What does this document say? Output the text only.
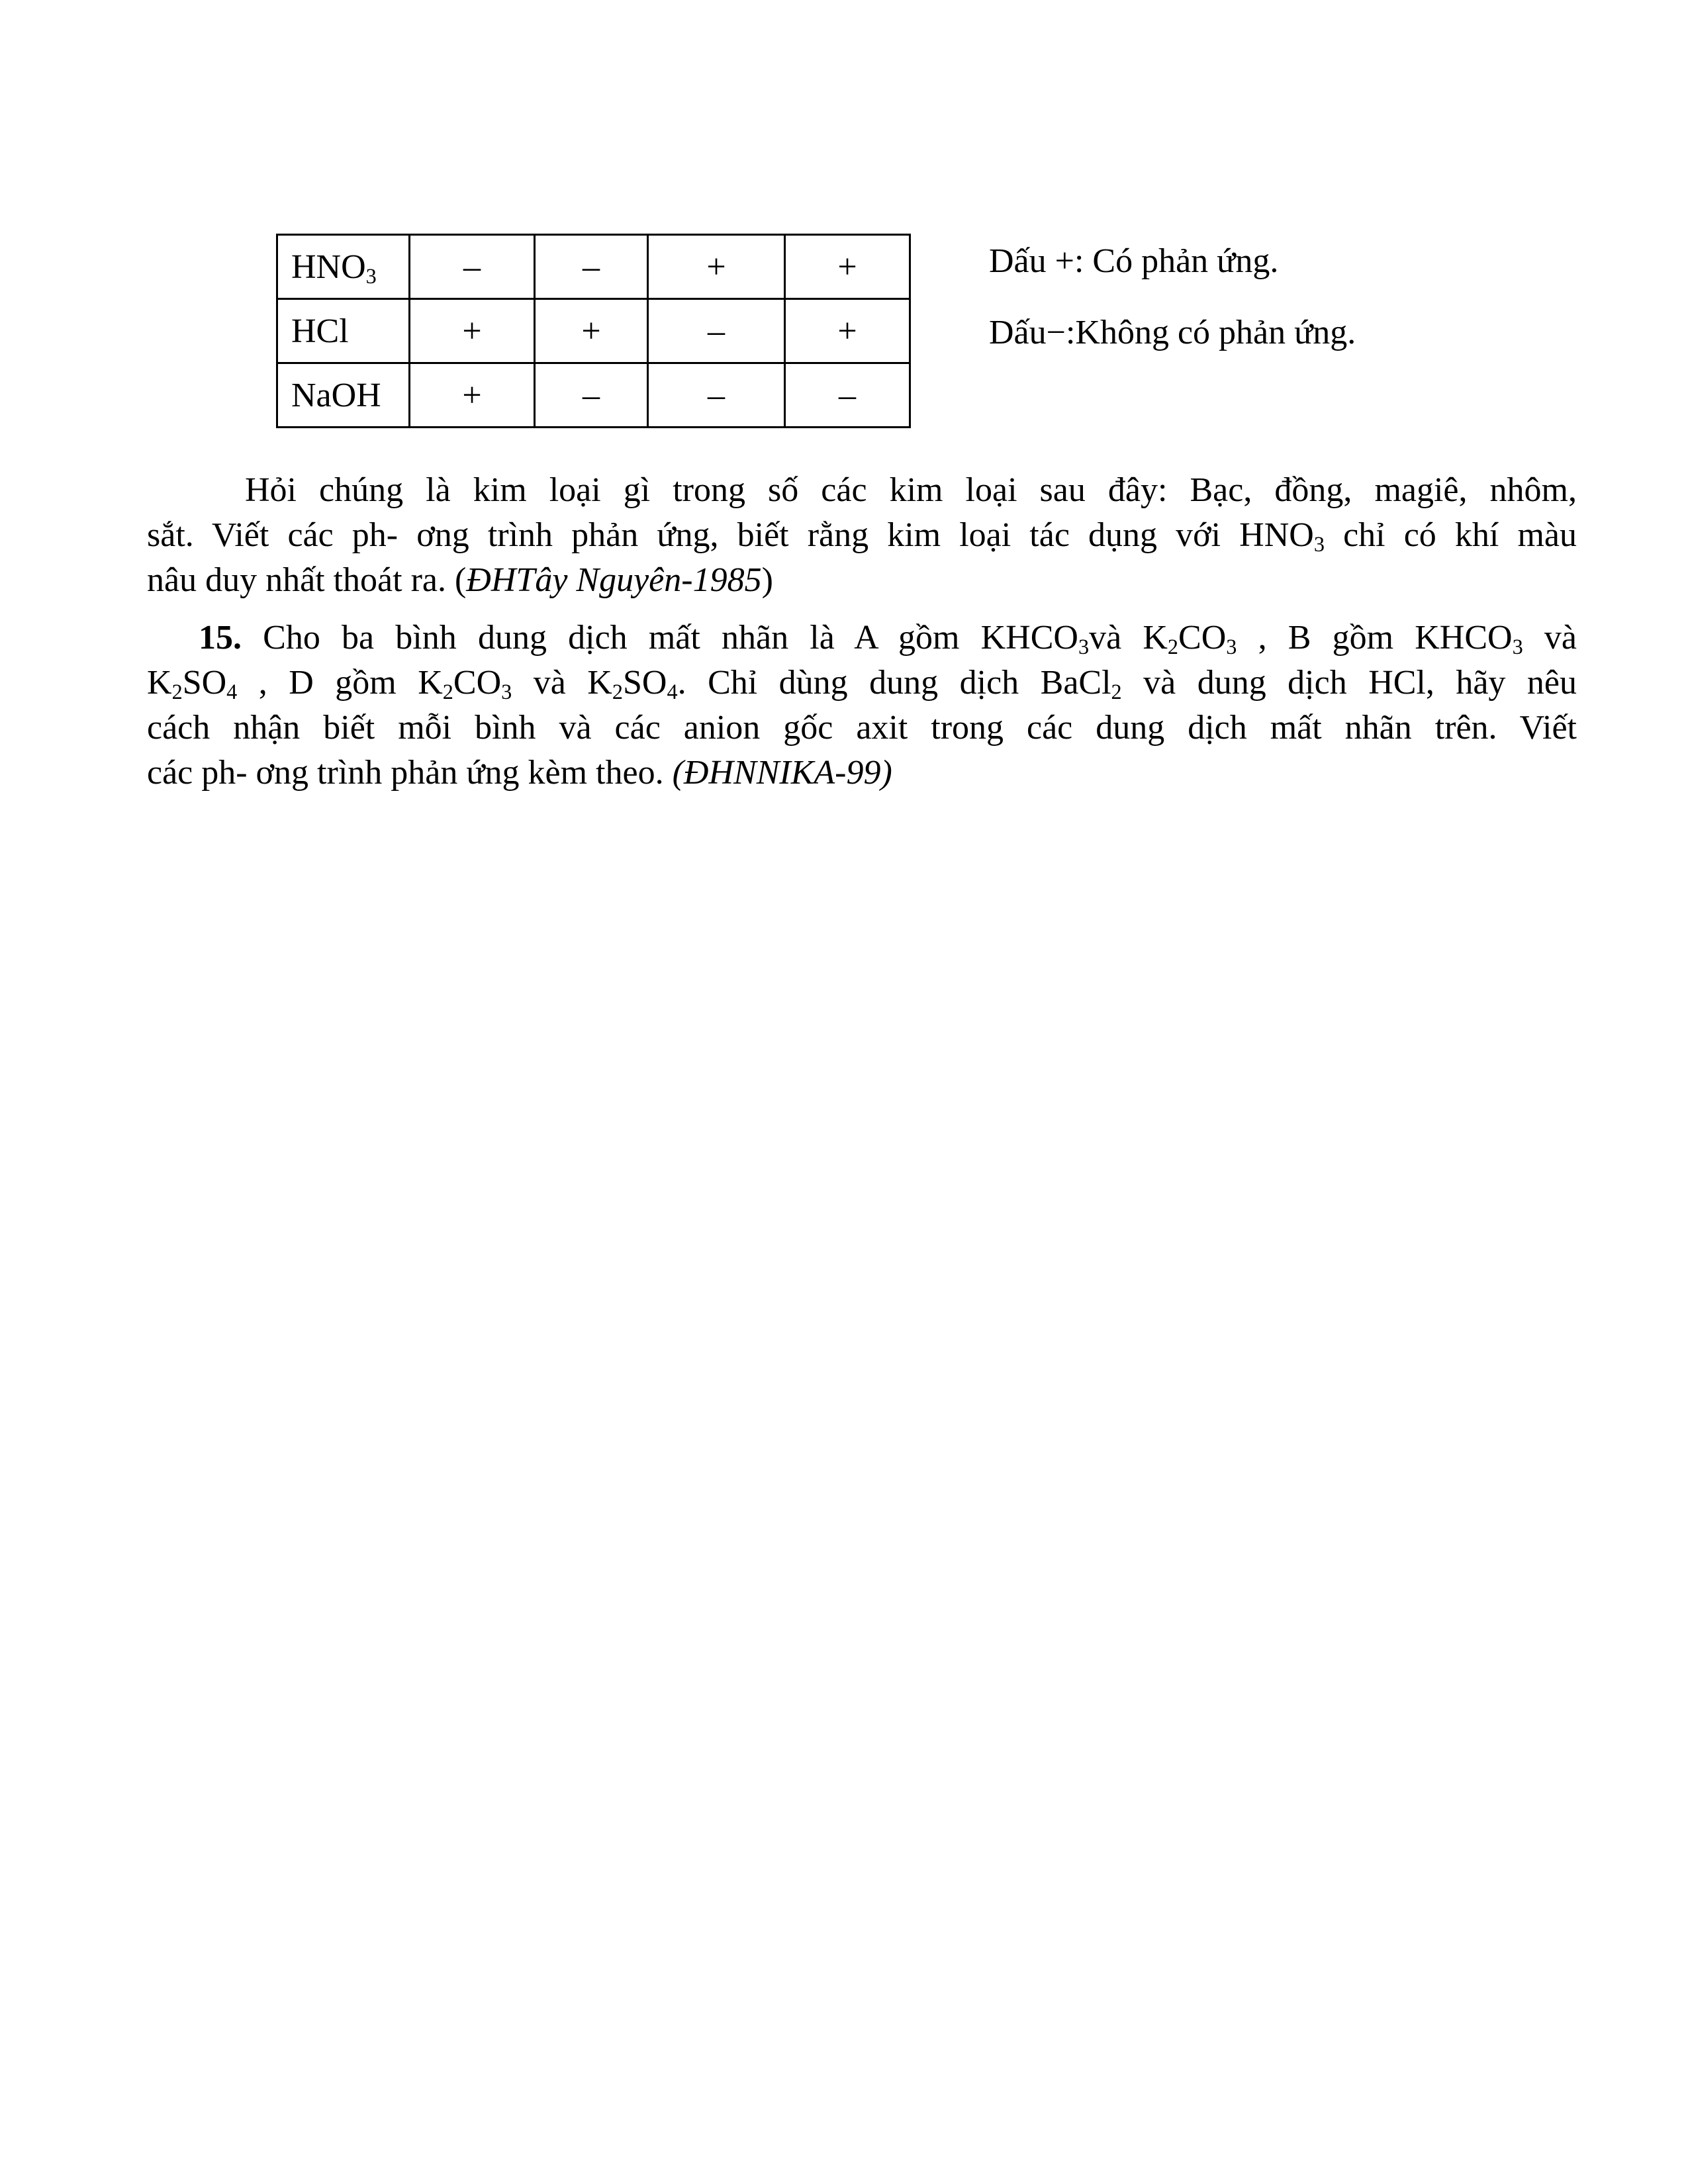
$HNO_3$	–	–	+	+
HCl	+	+	–	+
NaOH	+	–	–	–
Dấu +: Có phản ứng.
Dấu−:Không có phản ứng.
Hỏi chúng là kim loại gì trong số các kim loại sau đây: Bạc, đồng, magiê, nhôm,
sắt. Viết các ph- ơng trình phản ứng, biết rằng kim loại tác dụng với $HNO_3$ chỉ có khí màu
nâu duy nhất thoát ra. (ĐHTây Nguyên-1985)
15. Cho ba bình dung dịch mất nhãn là A gồm $KHCO_3và$ $K_2CO_3$ , B gồm $KHCO_3$ và
$K_2SO_4$ , D gồm $K_2CO_3$ và $K_2SO_4$. Chỉ dùng dung dịch BaCl$_2$ và dung dịch HCl, hãy nêu
cách nhận biết mỗi bình và các anion gốc axit trong các dung dịch mất nhãn trên. Viết
các ph- ơng trình phản ứng kèm theo. (ĐHNNIKA-99)
